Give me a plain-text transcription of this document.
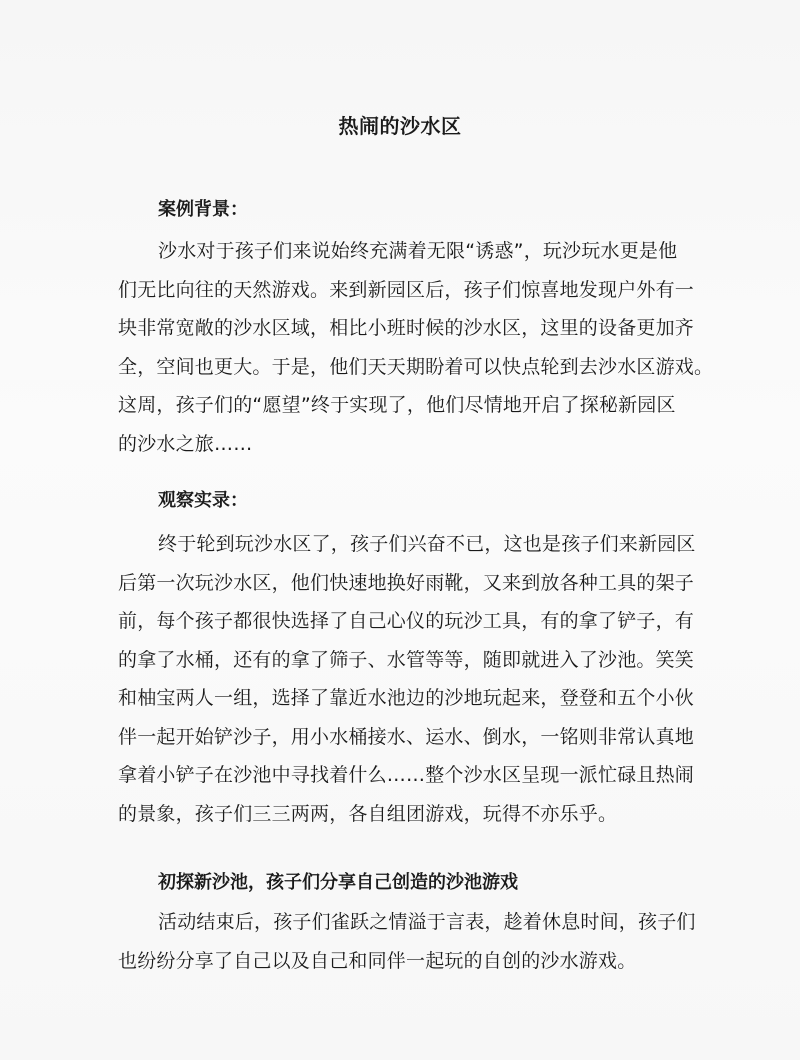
热闹的沙水区
案例背景：
沙水对于孩子们来说始终充满着无限“诱惑”，玩沙玩水更是他
们无比向往的天然游戏。来到新园区后，孩子们惊喜地发现户外有一
块非常宽敞的沙水区域，相比小班时候的沙水区，这里的设备更加齐
全，空间也更大。于是，他们天天期盼着可以快点轮到去沙水区游戏。
这周，孩子们的“愿望”终于实现了，他们尽情地开启了探秘新园区
的沙水之旅……
观察实录：
终于轮到玩沙水区了，孩子们兴奋不已，这也是孩子们来新园区
后第一次玩沙水区，他们快速地换好雨靴，又来到放各种工具的架子
前，每个孩子都很快选择了自己心仪的玩沙工具，有的拿了铲子，有
的拿了水桶，还有的拿了筛子、水管等等，随即就进入了沙池。笑笑
和柚宝两人一组，选择了靠近水池边的沙地玩起来，登登和五个小伙
伴一起开始铲沙子，用小水桶接水、运水、倒水，一铭则非常认真地
拿着小铲子在沙池中寻找着什么……整个沙水区呈现一派忙碌且热闹
的景象，孩子们三三两两，各自组团游戏，玩得不亦乐乎。
初探新沙池，孩子们分享自己创造的沙池游戏
活动结束后，孩子们雀跃之情溢于言表，趁着休息时间，孩子们
也纷纷分享了自己以及自己和同伴一起玩的自创的沙水游戏。
